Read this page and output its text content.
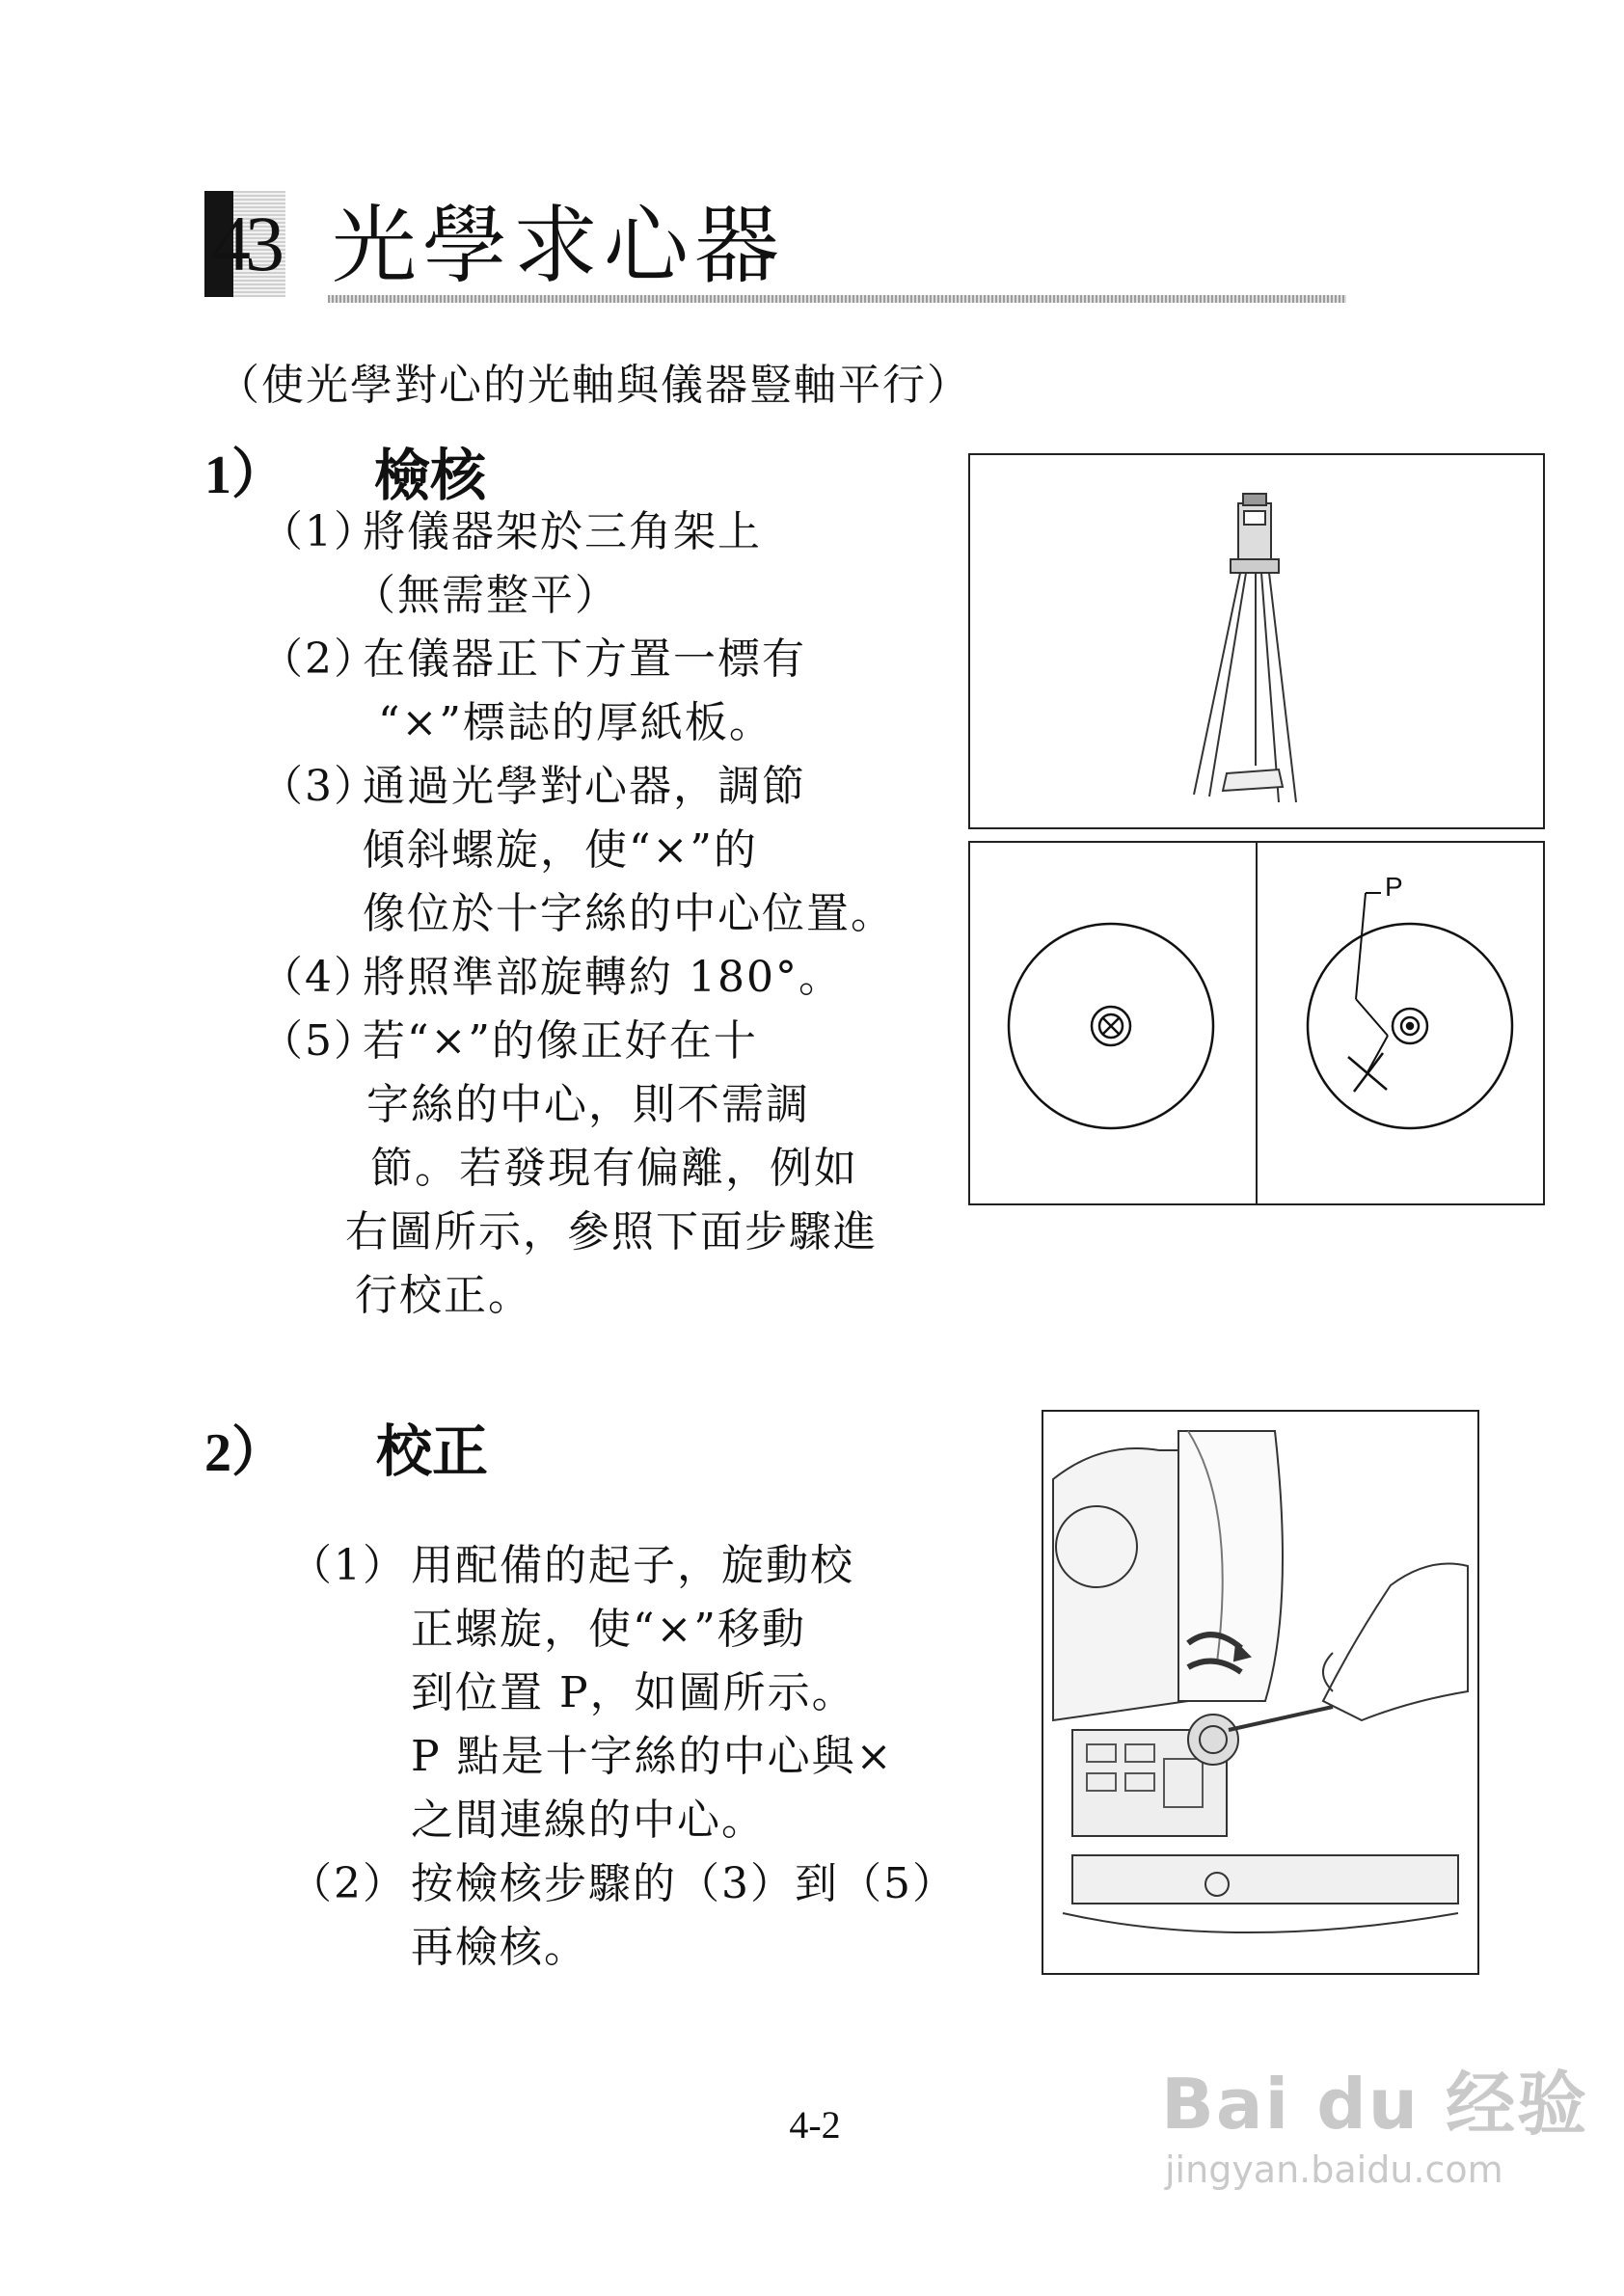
43 光學求心器
（使光學對心的光軸與儀器豎軸平行）
1） 檢核
（1）
將儀器架於三角架上
（無需整平）
（2）
在儀器正下方置一標有
“×”標誌的厚紙板。
（3）
通過光學對心器，調節
傾斜螺旋，使“×”的
像位於十字絲的中心位置。
（4）
將照準部旋轉約 180°。
（5）
若“×”的像正好在十
字絲的中心，則不需調
節。若發現有偏離，例如
右圖所示，參照下面步驟進
行校正。
P
2） 校正
（1） 用配備的起子，旋動校
正螺旋，使“×”移動
到位置 P，如圖所示。
P 點是十字絲的中心與×
之間連線的中心。
（2） 按檢核步驟的（3）到（5）
再檢核。
4-2	Bai du 经验
jingyan.baidu.com
